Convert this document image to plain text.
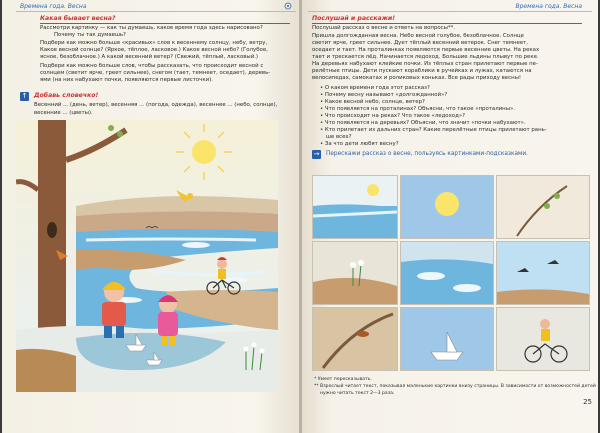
Времена года. Весна
Какая бывает весна?
Рассмотри картинку — как ты думаешь, какое время года здесь нарисовано?
Почему ты так думаешь?
Подбери как можно больше «красивых» слов к весеннему солнцу, небу, ветру,
Какое весной солнце? (Яркое, тёплое, ласковое.) Какое весной небо? (Голубое,
ясное, безоблачное.) А какой весенний ветер? (Свежий, тёплый, ласковый.)
Подбери как можно больше слов, чтобы рассказать, что происходит весной с
солнцем (светит ярче, греет сильнее), снегом (тает, темнеет, оседает), деревь-
ями (на них набухают почки, появляются первые листочки).
↑ Добавь словечко!
Весенний ... (день, ветер), весенняя ... (погода, одежда), весеннее ... (небо, солнце),
весенние ... (цветы).
Времена года. Весна
Послушай и расскажи!
Послушай рассказ о весне и ответь на вопросы**.
Пришла долгожданная весна. Небо весной голубое, безоблачное. Солнце
светит ярче, греет сильнее. Дует тёплый весенний ветерок. Снег темнеет,
оседает и тает. На проталинках появляются первые весенние цветы. На реках
тает и трескается лёд. Начинается ледоход. Большие льдины плывут по реке.
На деревьях набухают клейкие почки. Из тёплых стран прилетают первые пе-
релётные птицы. Дети пускают кораблики в ручейках и лужах, катаются на
велосипедах, самокатах и роликовых коньках. Все рады приходу весны!
• О каком времени года этот рассказ?
• Почему весну называют «долгожданной»?
• Какое весной небо, солнце, ветер?
• Что появляется на проталинах? Объясни, что такое «проталины».
• Что происходит на реках? Что такое «ледоход»?
• Что появляется на деревьях? Объясни, что значит «почки набухают».
• Кто прилетает из дальних стран? Какие перелётные птицы прилетают рань-
ше всех?
• За что дети любят весну?
→ Перескажи рассказ о весне, пользуясь картинками-подсказками.
* Умеет пересказывать.
** Взрослый читает текст, показывая маленькие картинки внизу страницы. В зависимости от возможностей детей
нужно читать текст 2—3 раза.
25
